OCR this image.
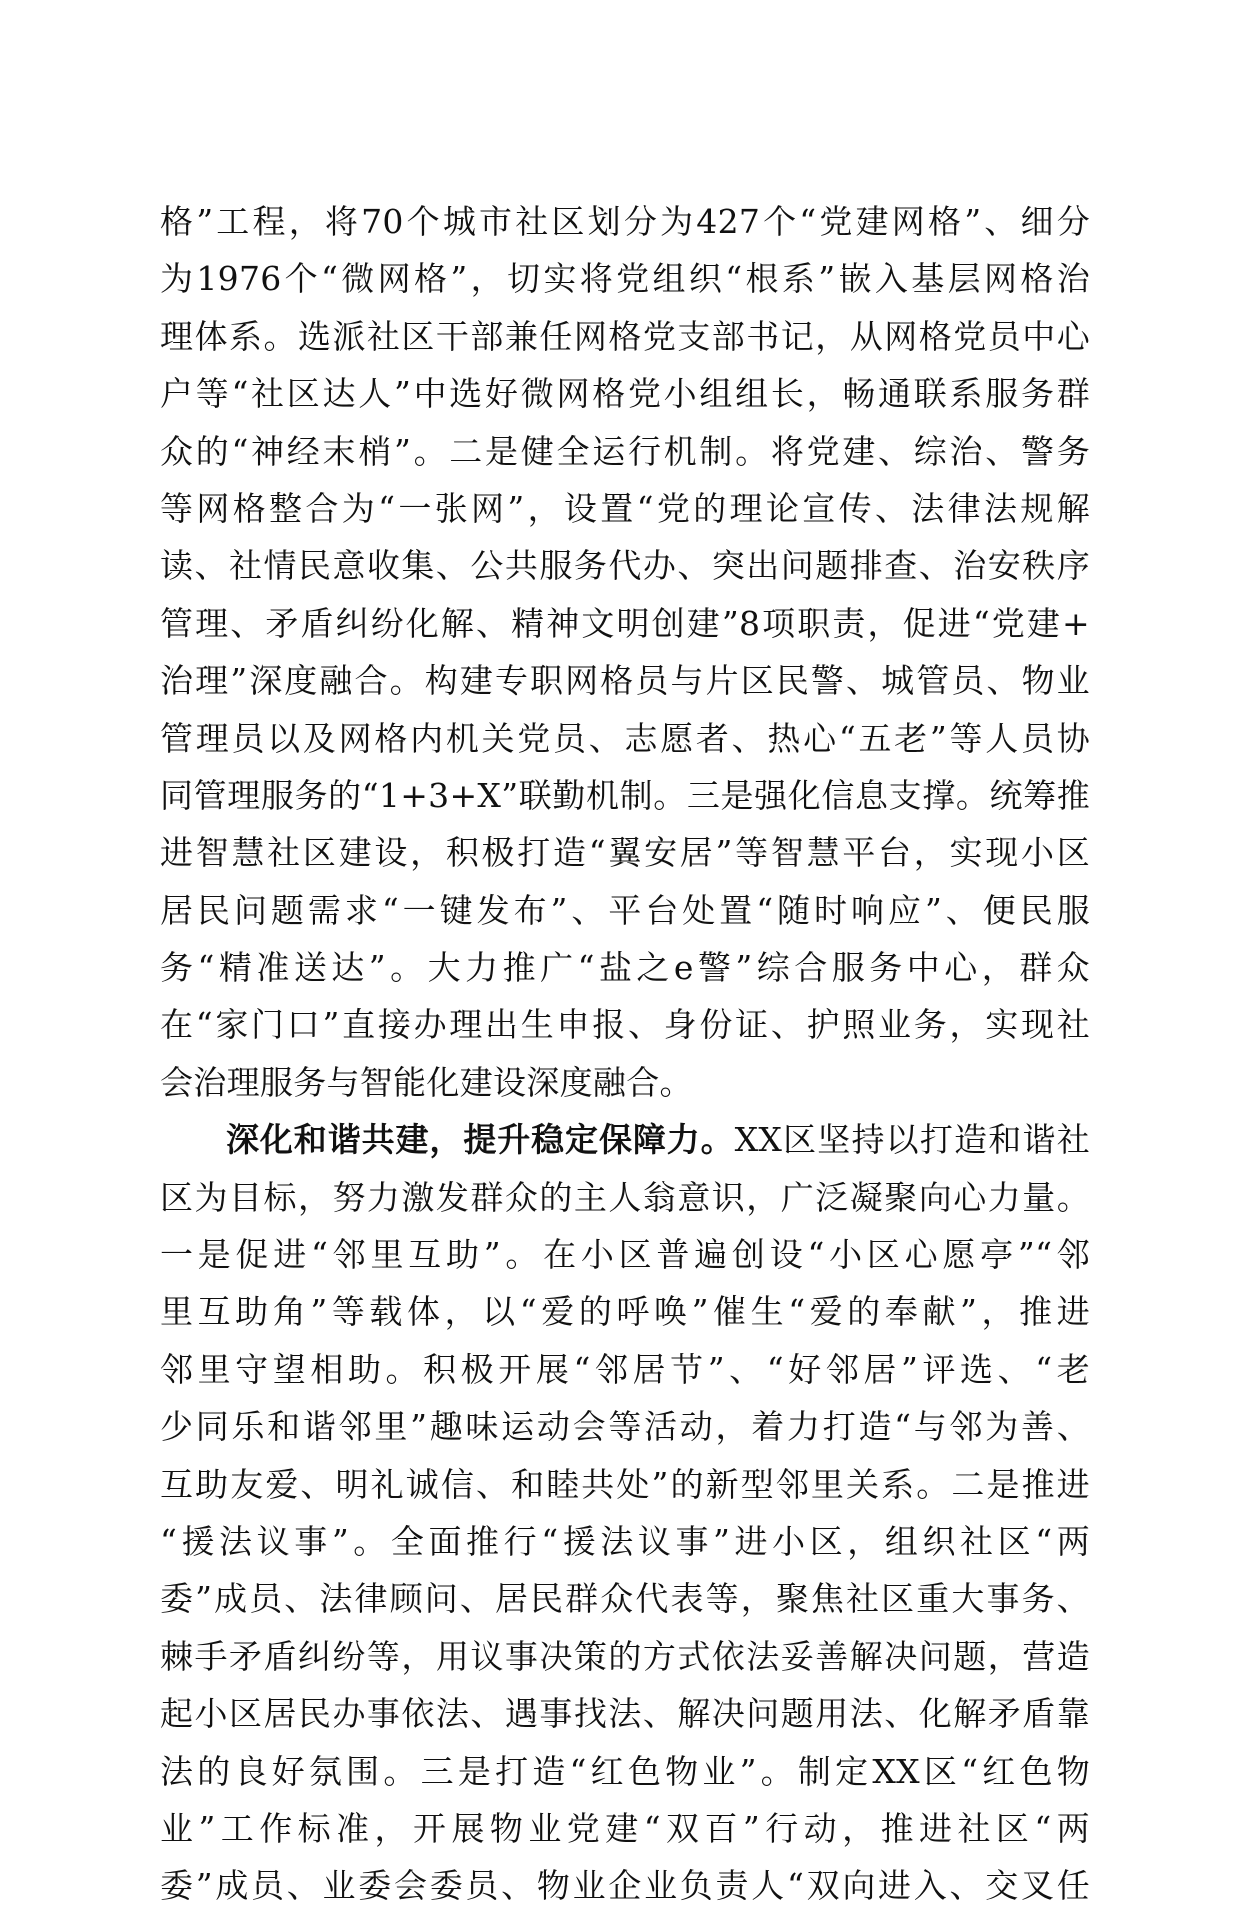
格”工程，将70个城市社区划分为427个“党建网格”、细分
为1976个“微网格”，切实将党组织“根系”嵌入基层网格治
理体系。选派社区干部兼任网格党支部书记，从网格党员中心
户等“社区达人”中选好微网格党小组组长，畅通联系服务群
众的“神经末梢”。二是健全运行机制。将党建、综治、警务
等网格整合为“一张网”，设置“党的理论宣传、法律法规解
读、社情民意收集、公共服务代办、突出问题排查、治安秩序
管理、矛盾纠纷化解、精神文明创建”8项职责，促进“党建+
治理”深度融合。构建专职网格员与片区民警、城管员、物业
管理员以及网格内机关党员、志愿者、热心“五老”等人员协
同管理服务的“1+3+X”联勤机制。三是强化信息支撑。统筹推
进智慧社区建设，积极打造“翼安居”等智慧平台，实现小区
居民问题需求“一键发布”、平台处置“随时响应”、便民服
务“精准送达”。大力推广“盐之e警”综合服务中心，群众
在“家门口”直接办理出生申报、身份证、护照业务，实现社
会治理服务与智能化建设深度融合。
深化和谐共建，提升稳定保障力。XX区坚持以打造和谐社
区为目标，努力激发群众的主人翁意识，广泛凝聚向心力量。
一是促进“邻里互助”。在小区普遍创设“小区心愿亭”“邻
里互助角”等载体，以“爱的呼唤”催生“爱的奉献”，推进
邻里守望相助。积极开展“邻居节”、“好邻居”评选、“老
少同乐和谐邻里”趣味运动会等活动，着力打造“与邻为善、
互助友爱、明礼诚信、和睦共处”的新型邻里关系。二是推进
“援法议事”。全面推行“援法议事”进小区，组织社区“两
委”成员、法律顾问、居民群众代表等，聚焦社区重大事务、
棘手矛盾纠纷等，用议事决策的方式依法妥善解决问题，营造
起小区居民办事依法、遇事找法、解决问题用法、化解矛盾靠
法的良好氛围。三是打造“红色物业”。制定XX区“红色物
业”工作标准，开展物业党建“双百”行动，推进社区“两
委”成员、业委会委员、物业企业负责人“双向进入、交叉任
